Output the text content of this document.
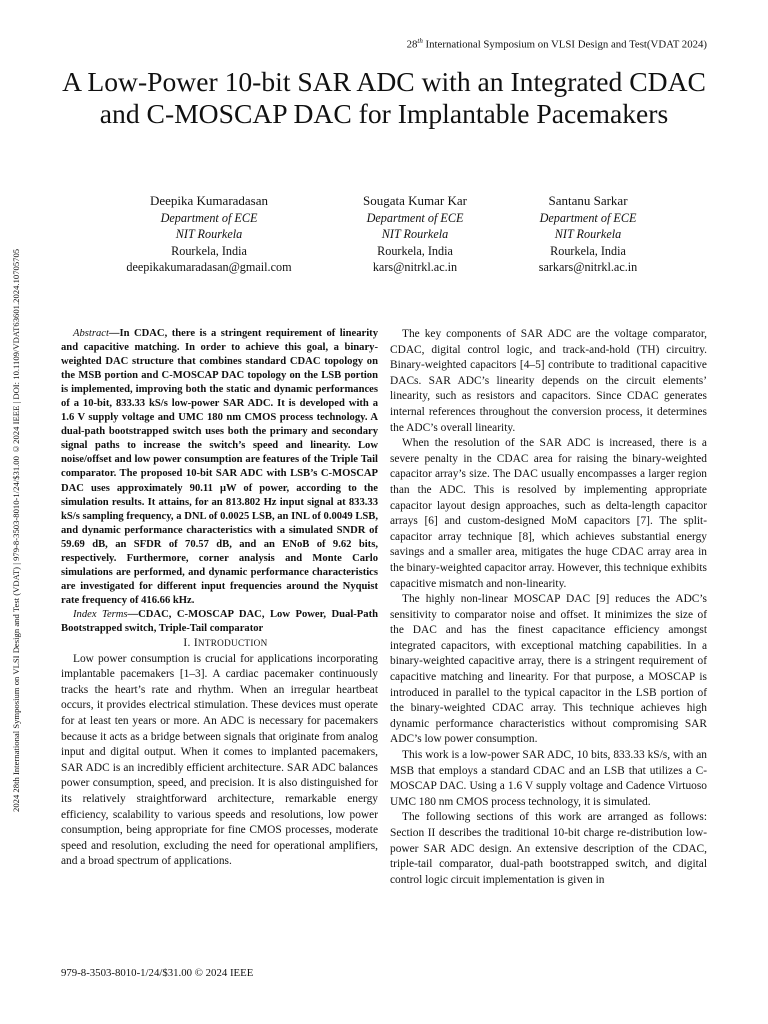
28th International Symposium on VLSI Design and Test(VDAT 2024)
2024 28th International Symposium on VLSI Design and Test (VDAT) | 979-8-3503-8010-1/24/$31.00 ©2024 IEEE | DOI: 10.1109/VDAT63601.2024.10705705
A Low-Power 10-bit SAR ADC with an Integrated CDAC and C-MOSCAP DAC for Implantable Pacemakers
Deepika Kumaradasan
Department of ECE
NIT Rourkela
Rourkela, India
deepikakumaradasan@gmail.com
Sougata Kumar Kar
Department of ECE
NIT Rourkela
Rourkela, India
kars@nitrkl.ac.in
Santanu Sarkar
Department of ECE
NIT Rourkela
Rourkela, India
sarkars@nitrkl.ac.in

Abstract—In CDAC, there is a stringent requirement of linearity and capacitive matching. In order to achieve this goal, a binary-weighted DAC structure that combines standard CDAC topology on the MSB portion and C-MOSCAP DAC topology on the LSB portion is implemented, improving both the static and dynamic performances of a 10-bit, 833.33 kS/s low-power SAR ADC. It is developed with a 1.6 V supply voltage and UMC 180 nm CMOS process technology. A dual-path bootstrapped switch uses both the primary and secondary signal paths to increase the switch’s speed and linearity. Low noise/offset and low power consumption are features of the Triple Tail comparator. The proposed 10-bit SAR ADC with LSB’s C-MOSCAP DAC uses approximately 90.11 μW of power, according to the simulation results. It attains, for an 813.802 Hz input signal at 833.33 kS/s sampling frequency, a DNL of 0.0025 LSB, an INL of 0.0049 LSB, and dynamic performance characteristics with a simulated SNDR of 59.69 dB, an SFDR of 70.57 dB, and an ENoB of 9.62 bits, respectively. Furthermore, corner analysis and Monte Carlo simulations are performed, and dynamic performance characteristics are investigated for different input frequencies around the Nyquist rate frequency of 416.66 kHz.

Index Terms—CDAC, C-MOSCAP DAC, Low Power, Dual-Path Bootstrapped switch, Triple-Tail comparator

I. INTRODUCTION

Low power consumption is crucial for applications incorporating implantable pacemakers [1–3]. A cardiac pacemaker continuously tracks the heart’s rate and rhythm. When an irregular heartbeat occurs, it provides electrical stimulation. These devices must operate for at least ten years or more. An ADC is necessary for pacemakers because it acts as a bridge between signals that originate from analog input and digital output. When it comes to implanted pacemakers, SAR ADC is an incredibly efficient architecture. SAR ADC balances power consumption, speed, and precision. It is also distinguished for its relatively straightforward architecture, remarkable energy efficiency, scalability to various speeds and resolutions, low power consumption, being appropriate for fine CMOS processes, moderate speed and resolution, excluding the need for operational amplifiers, and a broad spectrum of applications.

The key components of SAR ADC are the voltage comparator, CDAC, digital control logic, and track-and-hold (TH) circuitry. Binary-weighted capacitors [4–5] contribute to traditional capacitive DACs. SAR ADC’s linearity depends on the circuit elements’ linearity, such as resistors and capacitors. Since CDAC generates internal references throughout the conversion process, it determines the ADC’s overall linearity.

When the resolution of the SAR ADC is increased, there is a severe penalty in the CDAC area for raising the binary-weighted capacitor array’s size. The DAC usually encompasses a larger region than the ADC. This is resolved by implementing appropriate capacitor layout design approaches, such as delta-length capacitor arrays [6] and custom-designed MoM capacitors [7]. The split-capacitor array technique [8], which achieves substantial energy savings and a smaller area, mitigates the huge CDAC array area in the binary-weighted capacitor array. However, this technique exhibits capacitive mismatch and non-linearity.

The highly non-linear MOSCAP DAC [9] reduces the ADC’s sensitivity to comparator noise and offset. It minimizes the size of the DAC and has the finest capacitance efficiency amongst integrated capacitors, with exceptional matching capabilities. In a binary-weighted capacitive array, there is a stringent requirement of capacitive matching and linearity. For that purpose, a MOSCAP is introduced in parallel to the typical capacitor in the LSB portion of the binary-weighted CDAC array. This technique achieves high dynamic performance characteristics without compromising SAR ADC’s low power consumption.

This work is a low-power SAR ADC, 10 bits, 833.33 kS/s, with an MSB that employs a standard CDAC and an LSB that utilizes a C-MOSCAP DAC. Using a 1.6 V supply voltage and Cadence Virtuoso UMC 180 nm CMOS process technology, it is simulated.

The following sections of this work are arranged as follows: Section II describes the traditional 10-bit charge re-distribution low-power SAR ADC design. An extensive description of the CDAC, triple-tail comparator, dual-path bootstrapped switch, and digital control logic circuit implementation is given in

979-8-3503-8010-1/24/$31.00 © 2024 IEEE
